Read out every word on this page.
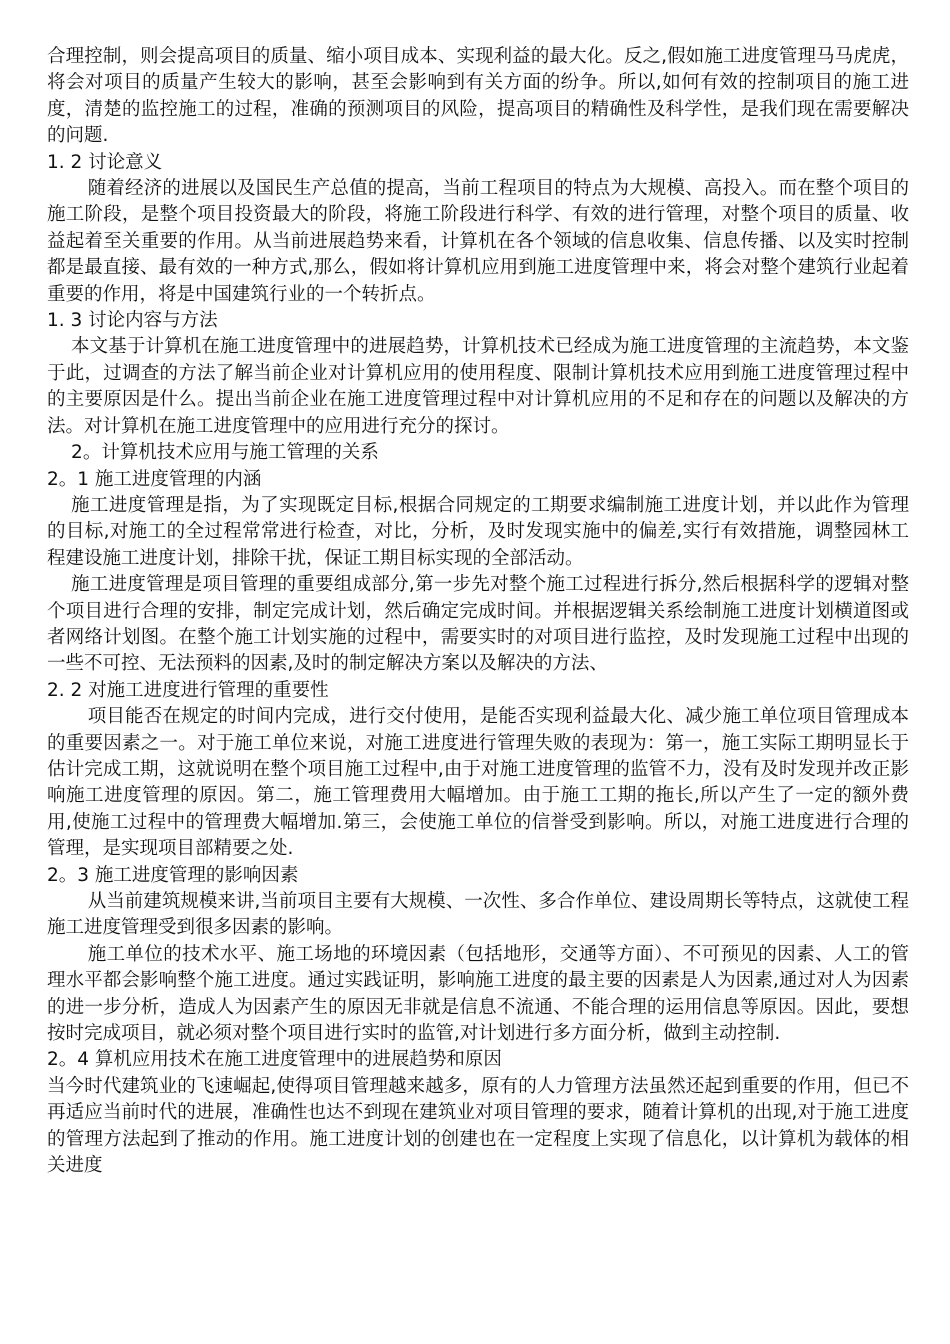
合理控制，则会提高项目的质量、缩小项目成本、实现利益的最大化。反之,假如施工进度管理马马虎虎，将会对项目的质量产生较大的影响，甚至会影响到有关方面的纷争。所以,如何有效的控制项目的施工进度，清楚的监控施工的过程，准确的预测项目的风险，提高项目的精确性及科学性，是我们现在需要解决的问题.

1. 2 讨论意义

随着经济的进展以及国民生产总值的提高，当前工程项目的特点为大规模、高投入。而在整个项目的施工阶段，是整个项目投资最大的阶段，将施工阶段进行科学、有效的进行管理，对整个项目的质量、收益起着至关重要的作用。从当前进展趋势来看，计算机在各个领域的信息收集、信息传播、以及实时控制都是最直接、最有效的一种方式,那么，假如将计算机应用到施工进度管理中来，将会对整个建筑行业起着重要的作用，将是中国建筑行业的一个转折点。

1. 3 讨论内容与方法

本文基于计算机在施工进度管理中的进展趋势，计算机技术已经成为施工进度管理的主流趋势，本文鉴于此，过调查的方法了解当前企业对计算机应用的使用程度、限制计算机技术应用到施工进度管理过程中的主要原因是什么。提出当前企业在施工进度管理过程中对计算机应用的不足和存在的问题以及解决的方法。对计算机在施工进度管理中的应用进行充分的探讨。

2。计算机技术应用与施工管理的关系

2。1 施工进度管理的内涵

施工进度管理是指，为了实现既定目标,根据合同规定的工期要求编制施工进度计划，并以此作为管理的目标,对施工的全过程常常进行检查，对比，分析，及时发现实施中的偏差,实行有效措施，调整园林工程建设施工进度计划，排除干扰，保证工期目标实现的全部活动。

施工进度管理是项目管理的重要组成部分,第一步先对整个施工过程进行拆分,然后根据科学的逻辑对整个项目进行合理的安排，制定完成计划，然后确定完成时间。并根据逻辑关系绘制施工进度计划横道图或者网络计划图。在整个施工计划实施的过程中，需要实时的对项目进行监控，及时发现施工过程中出现的一些不可控、无法预料的因素,及时的制定解决方案以及解决的方法、

2. 2 对施工进度进行管理的重要性

项目能否在规定的时间内完成，进行交付使用，是能否实现利益最大化、减少施工单位项目管理成本的重要因素之一。对于施工单位来说，对施工进度进行管理失败的表现为：第一，施工实际工期明显长于估计完成工期，这就说明在整个项目施工过程中,由于对施工进度管理的监管不力，没有及时发现并改正影响施工进度管理的原因。第二，施工管理费用大幅增加。由于施工工期的拖长,所以产生了一定的额外费用,使施工过程中的管理费大幅增加.第三，会使施工单位的信誉受到影响。所以，对施工进度进行合理的管理，是实现项目部精要之处.

2。3 施工进度管理的影响因素

从当前建筑规模来讲,当前项目主要有大规模、一次性、多合作单位、建设周期长等特点，这就使工程施工进度管理受到很多因素的影响。

施工单位的技术水平、施工场地的环境因素（包括地形，交通等方面）、不可预见的因素、人工的管理水平都会影响整个施工进度。通过实践证明，影响施工进度的最主要的因素是人为因素,通过对人为因素的进一步分析，造成人为因素产生的原因无非就是信息不流通、不能合理的运用信息等原因。因此，要想按时完成项目，就必须对整个项目进行实时的监管,对计划进行多方面分析，做到主动控制.

2。4 算机应用技术在施工进度管理中的进展趋势和原因

当今时代建筑业的飞速崛起,使得项目管理越来越多，原有的人力管理方法虽然还起到重要的作用，但已不再适应当前时代的进展，准确性也达不到现在建筑业对项目管理的要求，随着计算机的出现,对于施工进度的管理方法起到了推动的作用。施工进度计划的创建也在一定程度上实现了信息化，以计算机为载体的相关进度
